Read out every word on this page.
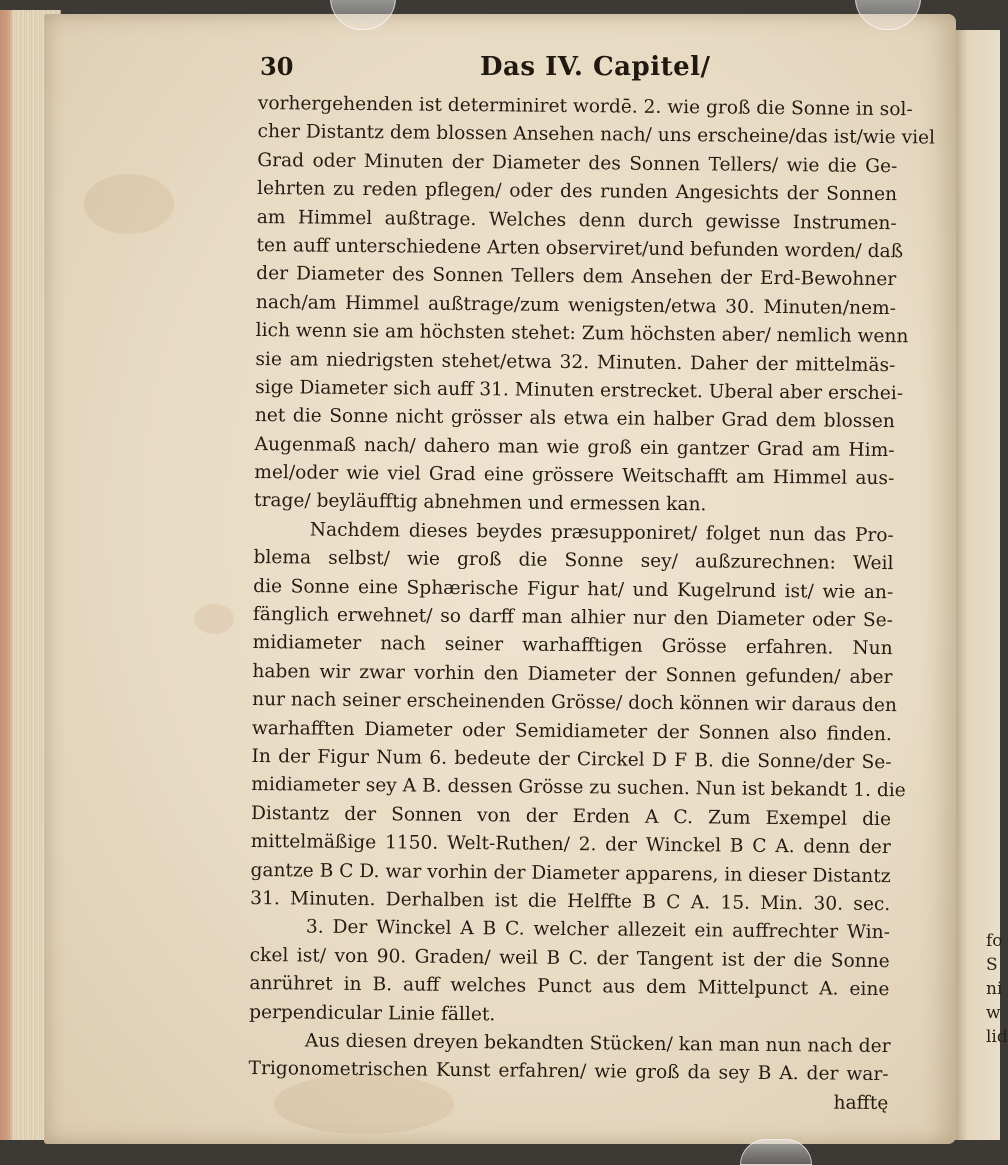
fo
S
ni
w
lid
30	Das IV. Capitel/
vorhergehenden ist determiniret wordē. 2. wie groß die Sonne in sol-
cher Distantz dem blossen Ansehen nach/ uns erscheine/das ist/wie viel
Grad oder Minuten der Diameter des Sonnen Tellers/ wie die Ge-
lehrten zu reden pflegen/ oder des runden Angesichts der Sonnen
am Himmel außtrage. Welches denn durch gewisse Instrumen-
ten auff unterschiedene Arten observiret/und befunden worden/ daß
der Diameter des Sonnen Tellers dem Ansehen der Erd-Bewohner
nach/am Himmel außtrage/zum wenigsten/etwa 30. Minuten/nem-
lich wenn sie am höchsten stehet: Zum höchsten aber/ nemlich wenn
sie am niedrigsten stehet/etwa 32. Minuten. Daher der mittelmäs-
sige Diameter sich auff 31. Minuten erstrecket. Uberal aber erschei-
net die Sonne nicht grösser als etwa ein halber Grad dem blossen
Augenmaß nach/ dahero man wie groß ein gantzer Grad am Him-
mel/oder wie viel Grad eine grössere Weitschafft am Himmel aus-
trage/ beyläufftig abnehmen und ermessen kan.
Nachdem dieses beydes præsupponiret/ folget nun das Pro-
blema selbst/ wie groß die Sonne sey/ außzurechnen: Weil
die Sonne eine Sphærische Figur hat/ und Kugelrund ist/ wie an-
fänglich erwehnet/ so darff man alhier nur den Diameter oder Se-
midiameter nach seiner warhafftigen Grösse erfahren. Nun
haben wir zwar vorhin den Diameter der Sonnen gefunden/ aber
nur nach seiner erscheinenden Grösse/ doch können wir daraus den
warhafften Diameter oder Semidiameter der Sonnen also finden.
In der Figur Num 6. bedeute der Circkel D F B. die Sonne/der Se-
midiameter sey A B. dessen Grösse zu suchen. Nun ist bekandt 1. die
Distantz der Sonnen von der Erden A C. Zum Exempel die
mittelmäßige 1150. Welt-Ruthen/ 2. der Winckel B C A. denn der
gantze B C D. war vorhin der Diameter apparens, in dieser Distantz
31. Minuten. Derhalben ist die Helffte B C A. 15. Min. 30. sec.
3. Der Winckel A B C. welcher allezeit ein auffrechter Win-
ckel ist/ von 90. Graden/ weil B C. der Tangent ist der die Sonne
anrühret in B. auff welches Punct aus dem Mittelpunct A. eine
perpendicular Linie fället.
Aus diesen dreyen bekandten Stücken/ kan man nun nach der
Trigonometrischen Kunst erfahren/ wie groß da sey B A. der war-
hafftę
